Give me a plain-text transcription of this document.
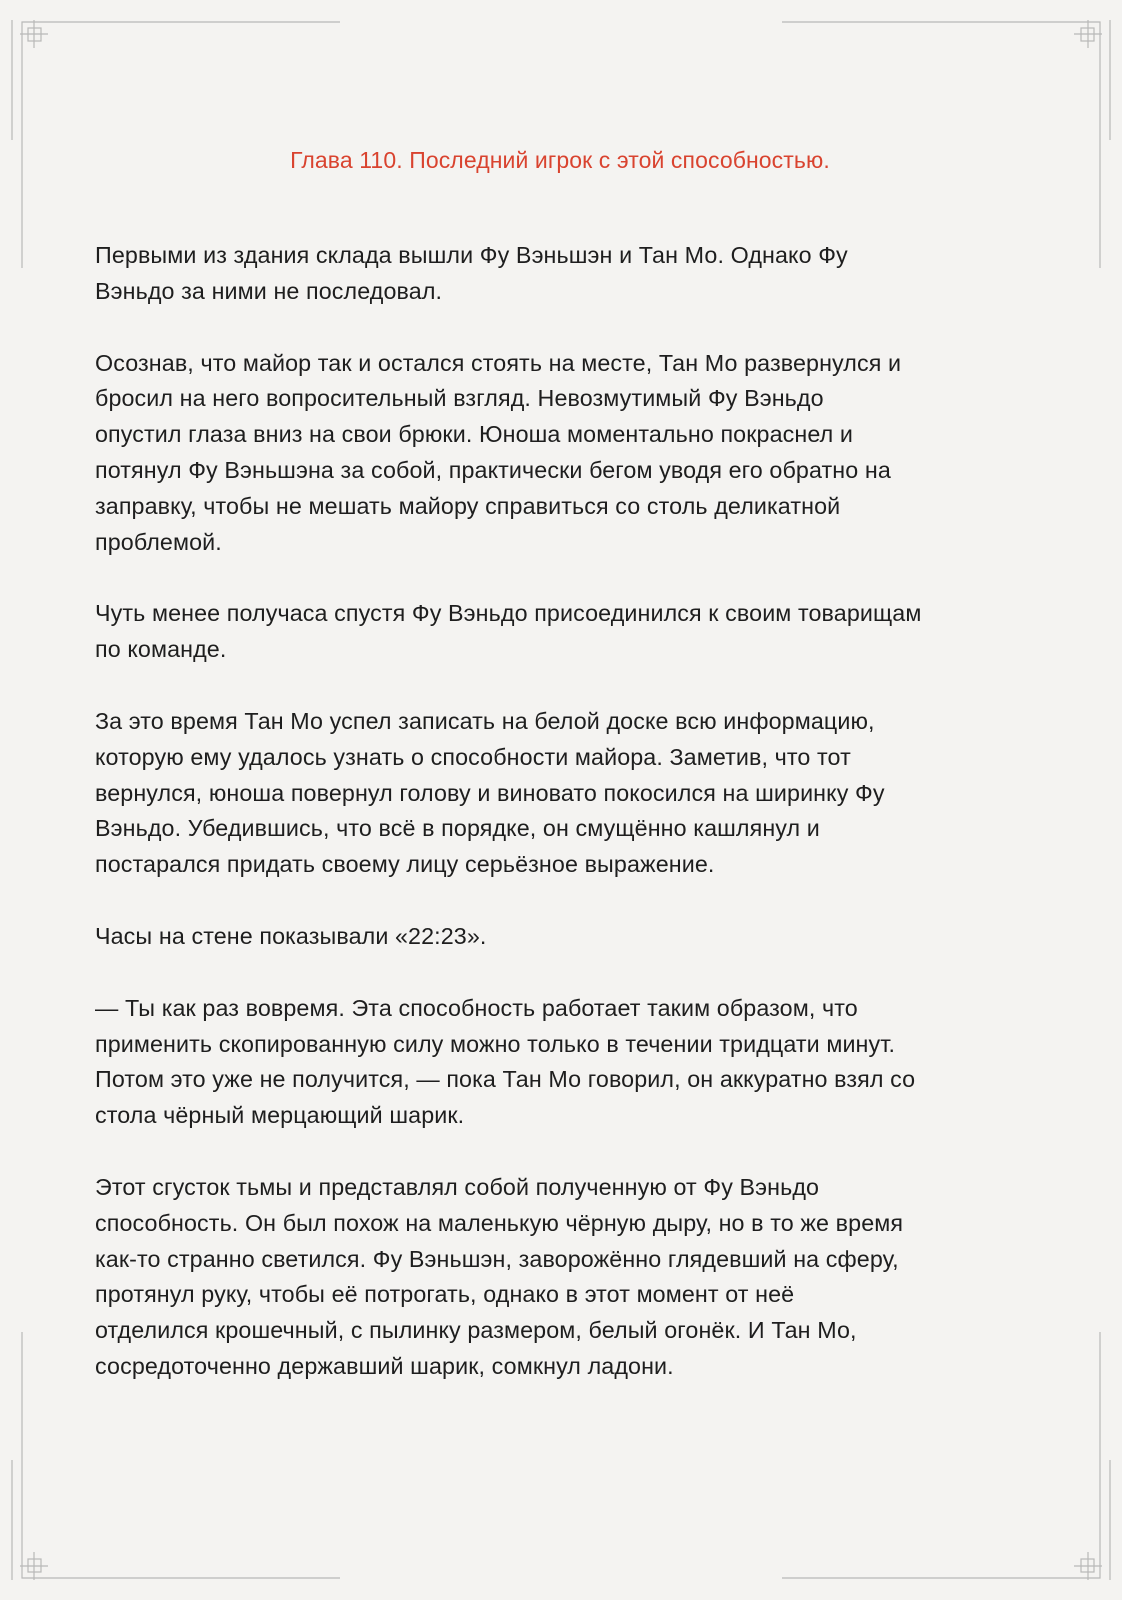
Глава 110. Последний игрок с этой способностью.

Первыми из здания склада вышли Фу Вэньшэн и Тан Мо. Однако Фу
Вэньдо за ними не последовал.

Осознав, что майор так и остался стоять на месте, Тан Мо развернулся и
бросил на него вопросительный взгляд. Невозмутимый Фу Вэньдо
опустил глаза вниз на свои брюки. Юноша моментально покраснел и
потянул Фу Вэньшэна за собой, практически бегом уводя его обратно на
заправку, чтобы не мешать майору справиться со столь деликатной
проблемой.

Чуть менее получаса спустя Фу Вэньдо присоединился к своим товарищам
по команде.

За это время Тан Мо успел записать на белой доске всю информацию,
которую ему удалось узнать о способности майора. Заметив, что тот
вернулся, юноша повернул голову и виновато покосился на ширинку Фу
Вэньдо. Убедившись, что всё в порядке, он смущённо кашлянул и
постарался придать своему лицу серьёзное выражение.

Часы на стене показывали «22:23».

— Ты как раз вовремя. Эта способность работает таким образом, что
применить скопированную силу можно только в течении тридцати минут.
Потом это уже не получится, — пока Тан Мо говорил, он аккуратно взял со
стола чёрный мерцающий шарик.

Этот сгусток тьмы и представлял собой полученную от Фу Вэньдо
способность. Он был похож на маленькую чёрную дыру, но в то же время
как-то странно светился. Фу Вэньшэн, заворожённо глядевший на сферу,
протянул руку, чтобы её потрогать, однако в этот момент от неё
отделился крошечный, с пылинку размером, белый огонёк. И Тан Мо,
сосредоточенно державший шарик, сомкнул ладони.
